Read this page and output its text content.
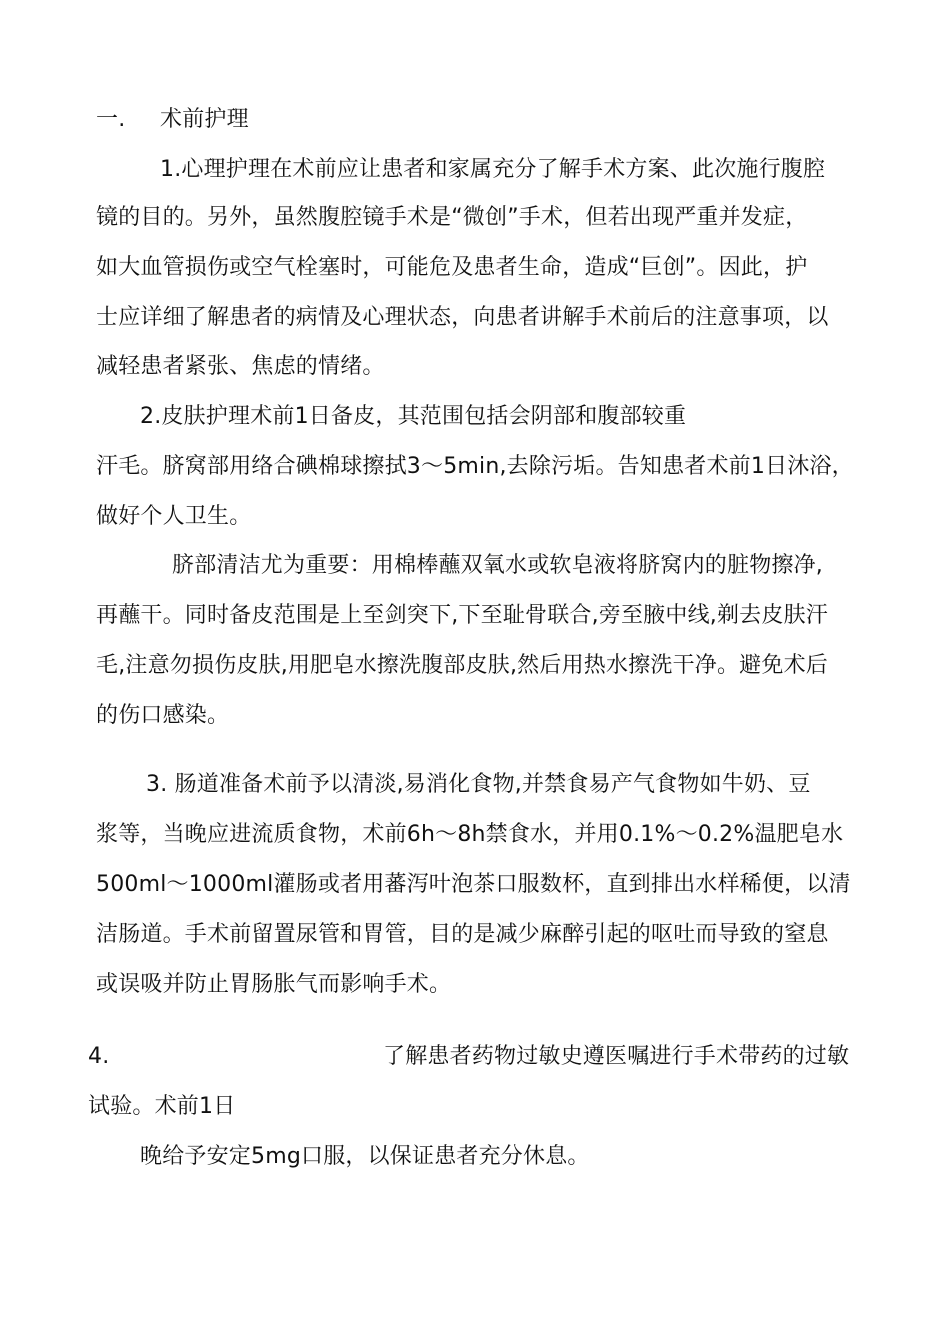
一. 术前护理
1.心理护理在术前应让患者和家属充分了解手术方案、此次施行腹腔
镜的目的。另外，虽然腹腔镜手术是“微创”手术，但若出现严重并发症，
如大血管损伤或空气栓塞时，可能危及患者生命，造成“巨创”。因此，护
士应详细了解患者的病情及心理状态，向患者讲解手术前后的注意事项，以
减轻患者紧张、焦虑的情绪。
2.皮肤护理术前1日备皮，其范围包括会阴部和腹部较重
汗毛。脐窝部用络合碘棉球擦拭3〜5min,去除污垢。告知患者术前1日沐浴，
做好个人卫生。
脐部清洁尤为重要：用棉棒蘸双氧水或软皂液将脐窝内的脏物擦净,
再蘸干。同时备皮范围是上至剑突下,下至耻骨联合,旁至腋中线,剃去皮肤汗
毛,注意勿损伤皮肤,用肥皂水擦洗腹部皮肤,然后用热水擦洗干净。避免术后
的伤口感染。
3. 肠道准备术前予以清淡,易消化食物,并禁食易产气食物如牛奶、豆
浆等，当晚应进流质食物，术前6h〜8h禁食水，并用0.1%〜0.2%温肥皂水
500ml〜1000ml灌肠或者用蕃泻叶泡茶口服数杯，直到排出水样稀便，以清
洁肠道。手术前留置尿管和胃管，目的是减少麻醉引起的呕吐而导致的窒息
或误吸并防止胃肠胀气而影响手术。
4.	了解患者药物过敏史遵医嘱进行手术带药的过敏
试验。术前1日
晚给予安定5mg口服，以保证患者充分休息。
